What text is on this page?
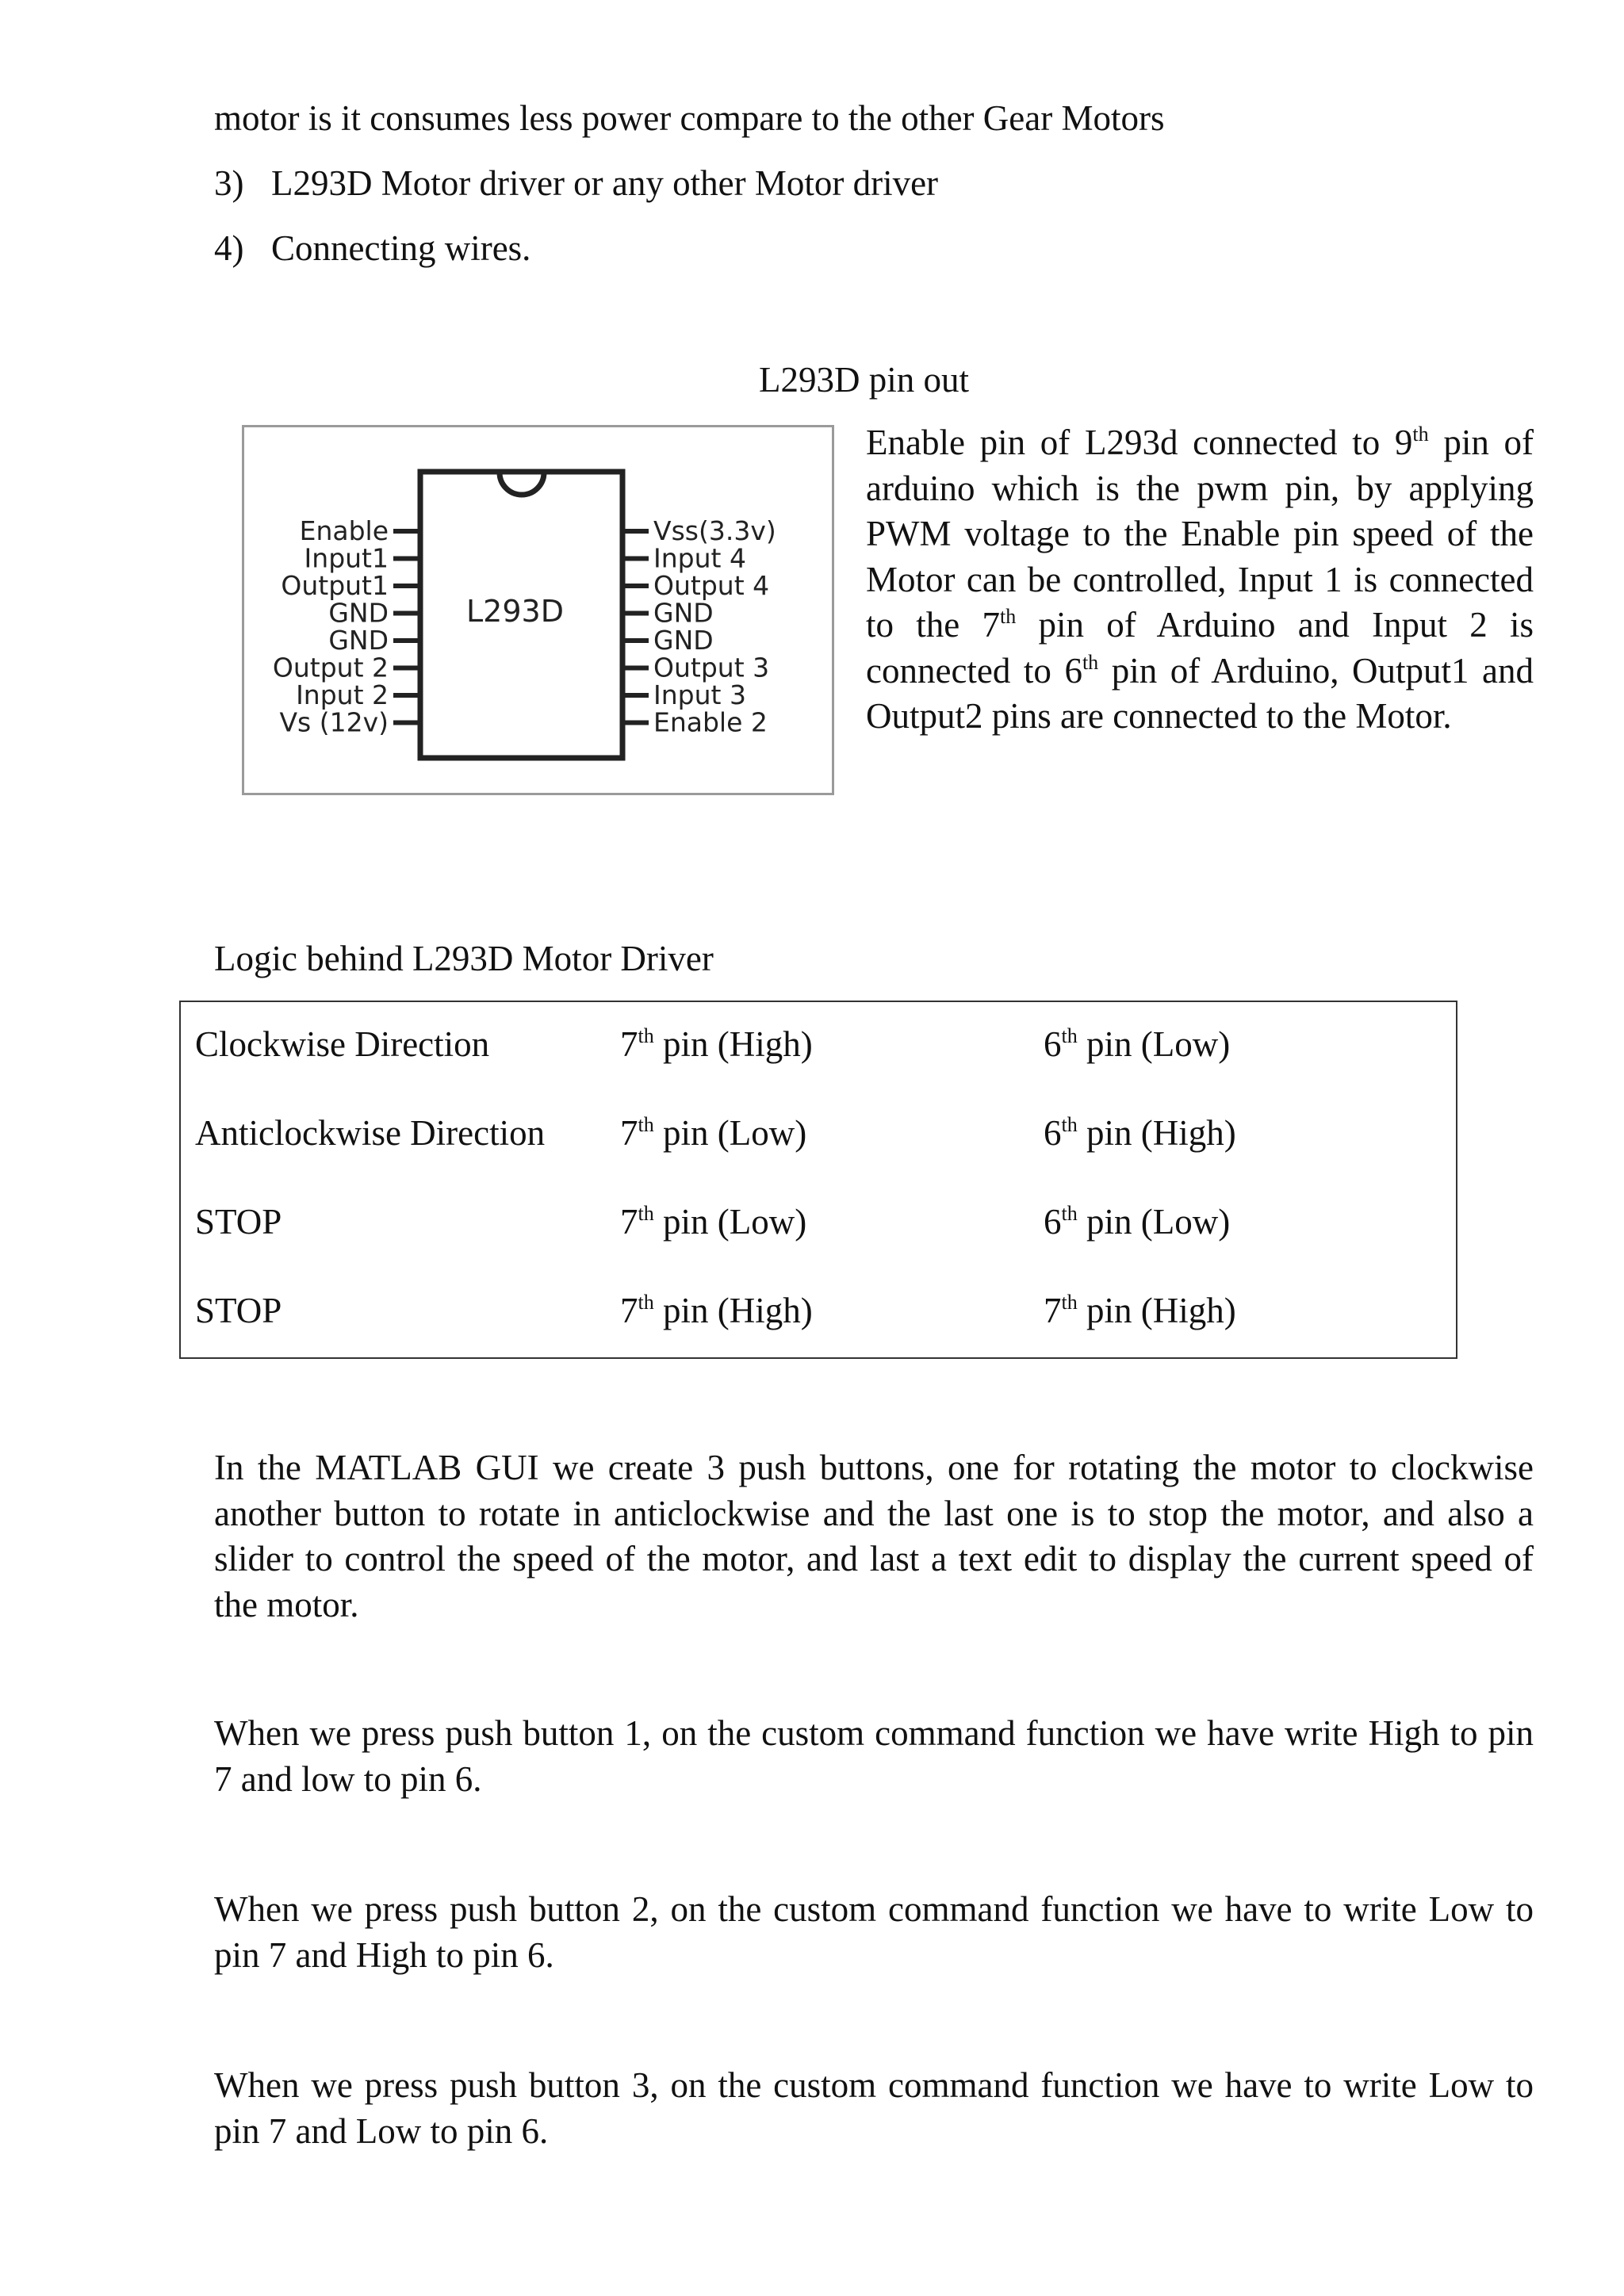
motor is it consumes less power compare to the other Gear Motors

3) L293D Motor driver or any other Motor driver
4) Connecting wires.

L293D pin out

L293D
Enable
Input1
Output1
GND
GND
Output 2
Input 2
Vs (12v)
Vss(3.3v)
Input 4
Output 4
GND
GND
Output 3
Input 3
Enable 2

Enable pin of L293d connected to 9th pin of arduino which is the pwm pin, by applying PWM voltage to the Enable pin speed of the Motor can be controlled, Input 1 is connected to the 7th pin of Arduino and Input 2 is connected to 6th pin of Arduino, Output1 and Output2 pins are connected to the Motor.

Logic behind L293D Motor Driver

Clockwise Direction	7th pin (High)	6th pin (Low)
Anticlockwise Direction 7th pin (Low)	6th pin (High)
STOP	7th pin (Low)	6th pin (Low)
STOP	7th pin (High)	7th pin (High)

In the MATLAB GUI we create 3 push buttons, one for rotating the motor to clockwise another button to rotate in anticlockwise and the last one is to stop the motor, and also a slider to control the speed of the motor, and last a text edit to display the current speed of the motor.

When we press push button 1, on the custom command function we have write High to pin 7 and low to pin 6.

When we press push button 2, on the custom command function we have to write Low to pin 7 and High to pin 6.

When we press push button 3, on the custom command function we have to write Low to pin 7 and Low to pin 6.
